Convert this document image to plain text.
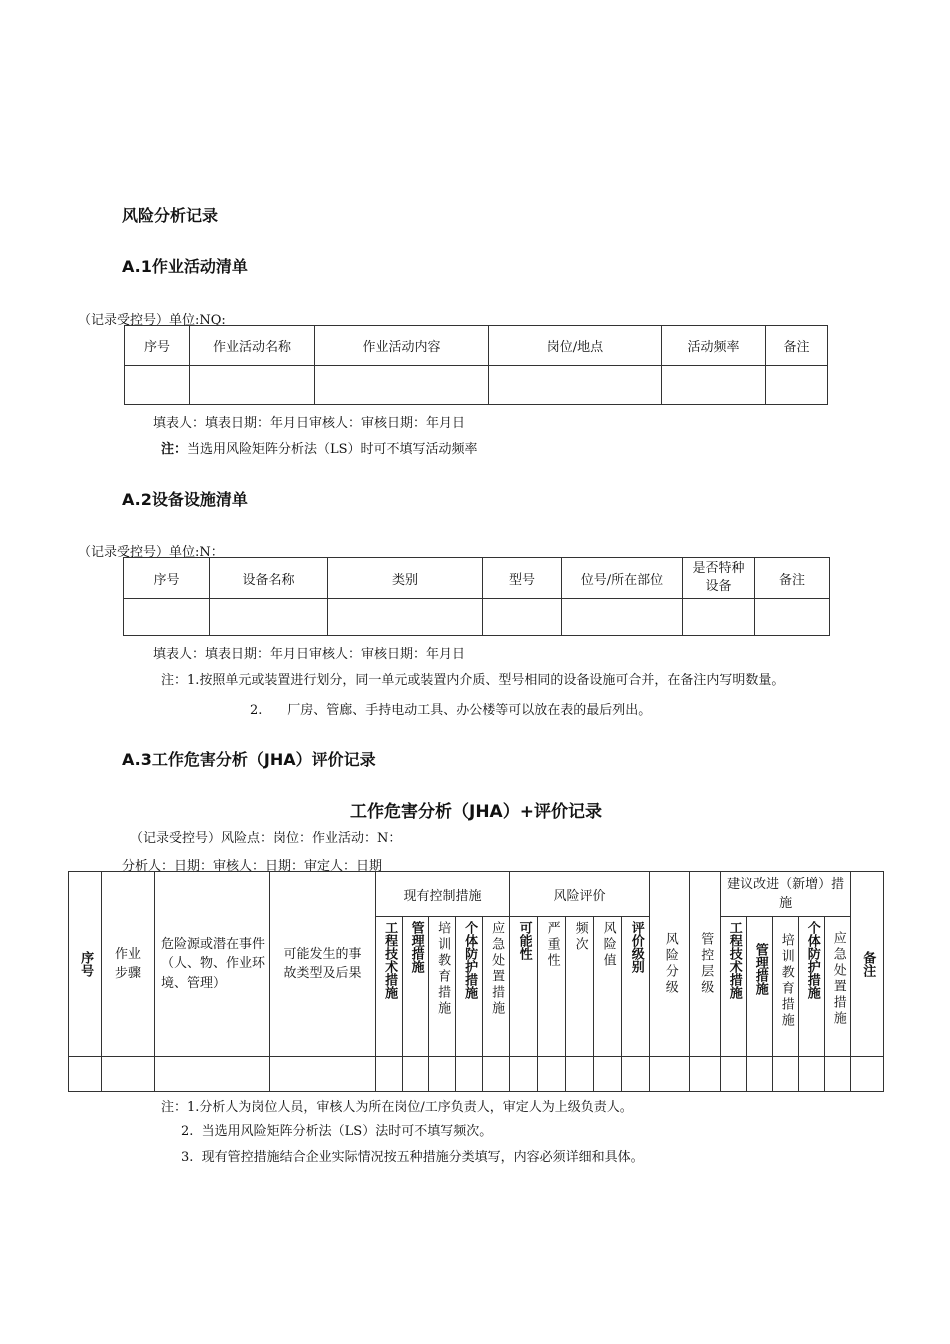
风险分析记录
A.1作业活动清单
（记录受控号）单位:NQ:
序号	作业活动名称	作业活动内容	岗位/地点	活动频率	备注

填表人：填表日期：年月日审核人：审核日期：年月日
注：当选用风险矩阵分析法（LS）时可不填写活动频率
A.2设备设施清单
（记录受控号）单位:N：
序号	设备名称	类别	型号	位号/所在部位	是否特种设备	备注

填表人：填表日期：年月日审核人：审核日期：年月日
注：1.按照单元或装置进行划分，同一单元或装置内介质、型号相同的设备设施可合并，在备注内写明数量。
2.      厂房、管廊、手持电动工具、办公楼等可以放在表的最后列出。
A.3工作危害分析（JHA）评价记录
工作危害分析（JHA）+评价记录
（记录受控号）风险点：岗位：作业活动：N：
分析人：日期：审核人：日期：审定人：日期
序号	作业步骤	危险源或潜在事件（人、物、作业环境、管理）	可能发生的事故类型及后果	现有控制措施					风险评价					风险分级	管控层级	建议改进（新增）措施					备注

				工程技术措施	管理措施	培训教育措施	个体防护措施	应急处置措施	可能性	严重性	频次	风险值	评价级别			工程技术措施	管理措施	培训教育措施	个体防护措施	应急处置措施	

注：1.分析人为岗位人员，审核人为所在岗位/工序负责人，审定人为上级负责人。
2.  当选用风险矩阵分析法（LS）法时可不填写频次。
3.  现有管控措施结合企业实际情况按五种措施分类填写，内容必须详细和具体。
